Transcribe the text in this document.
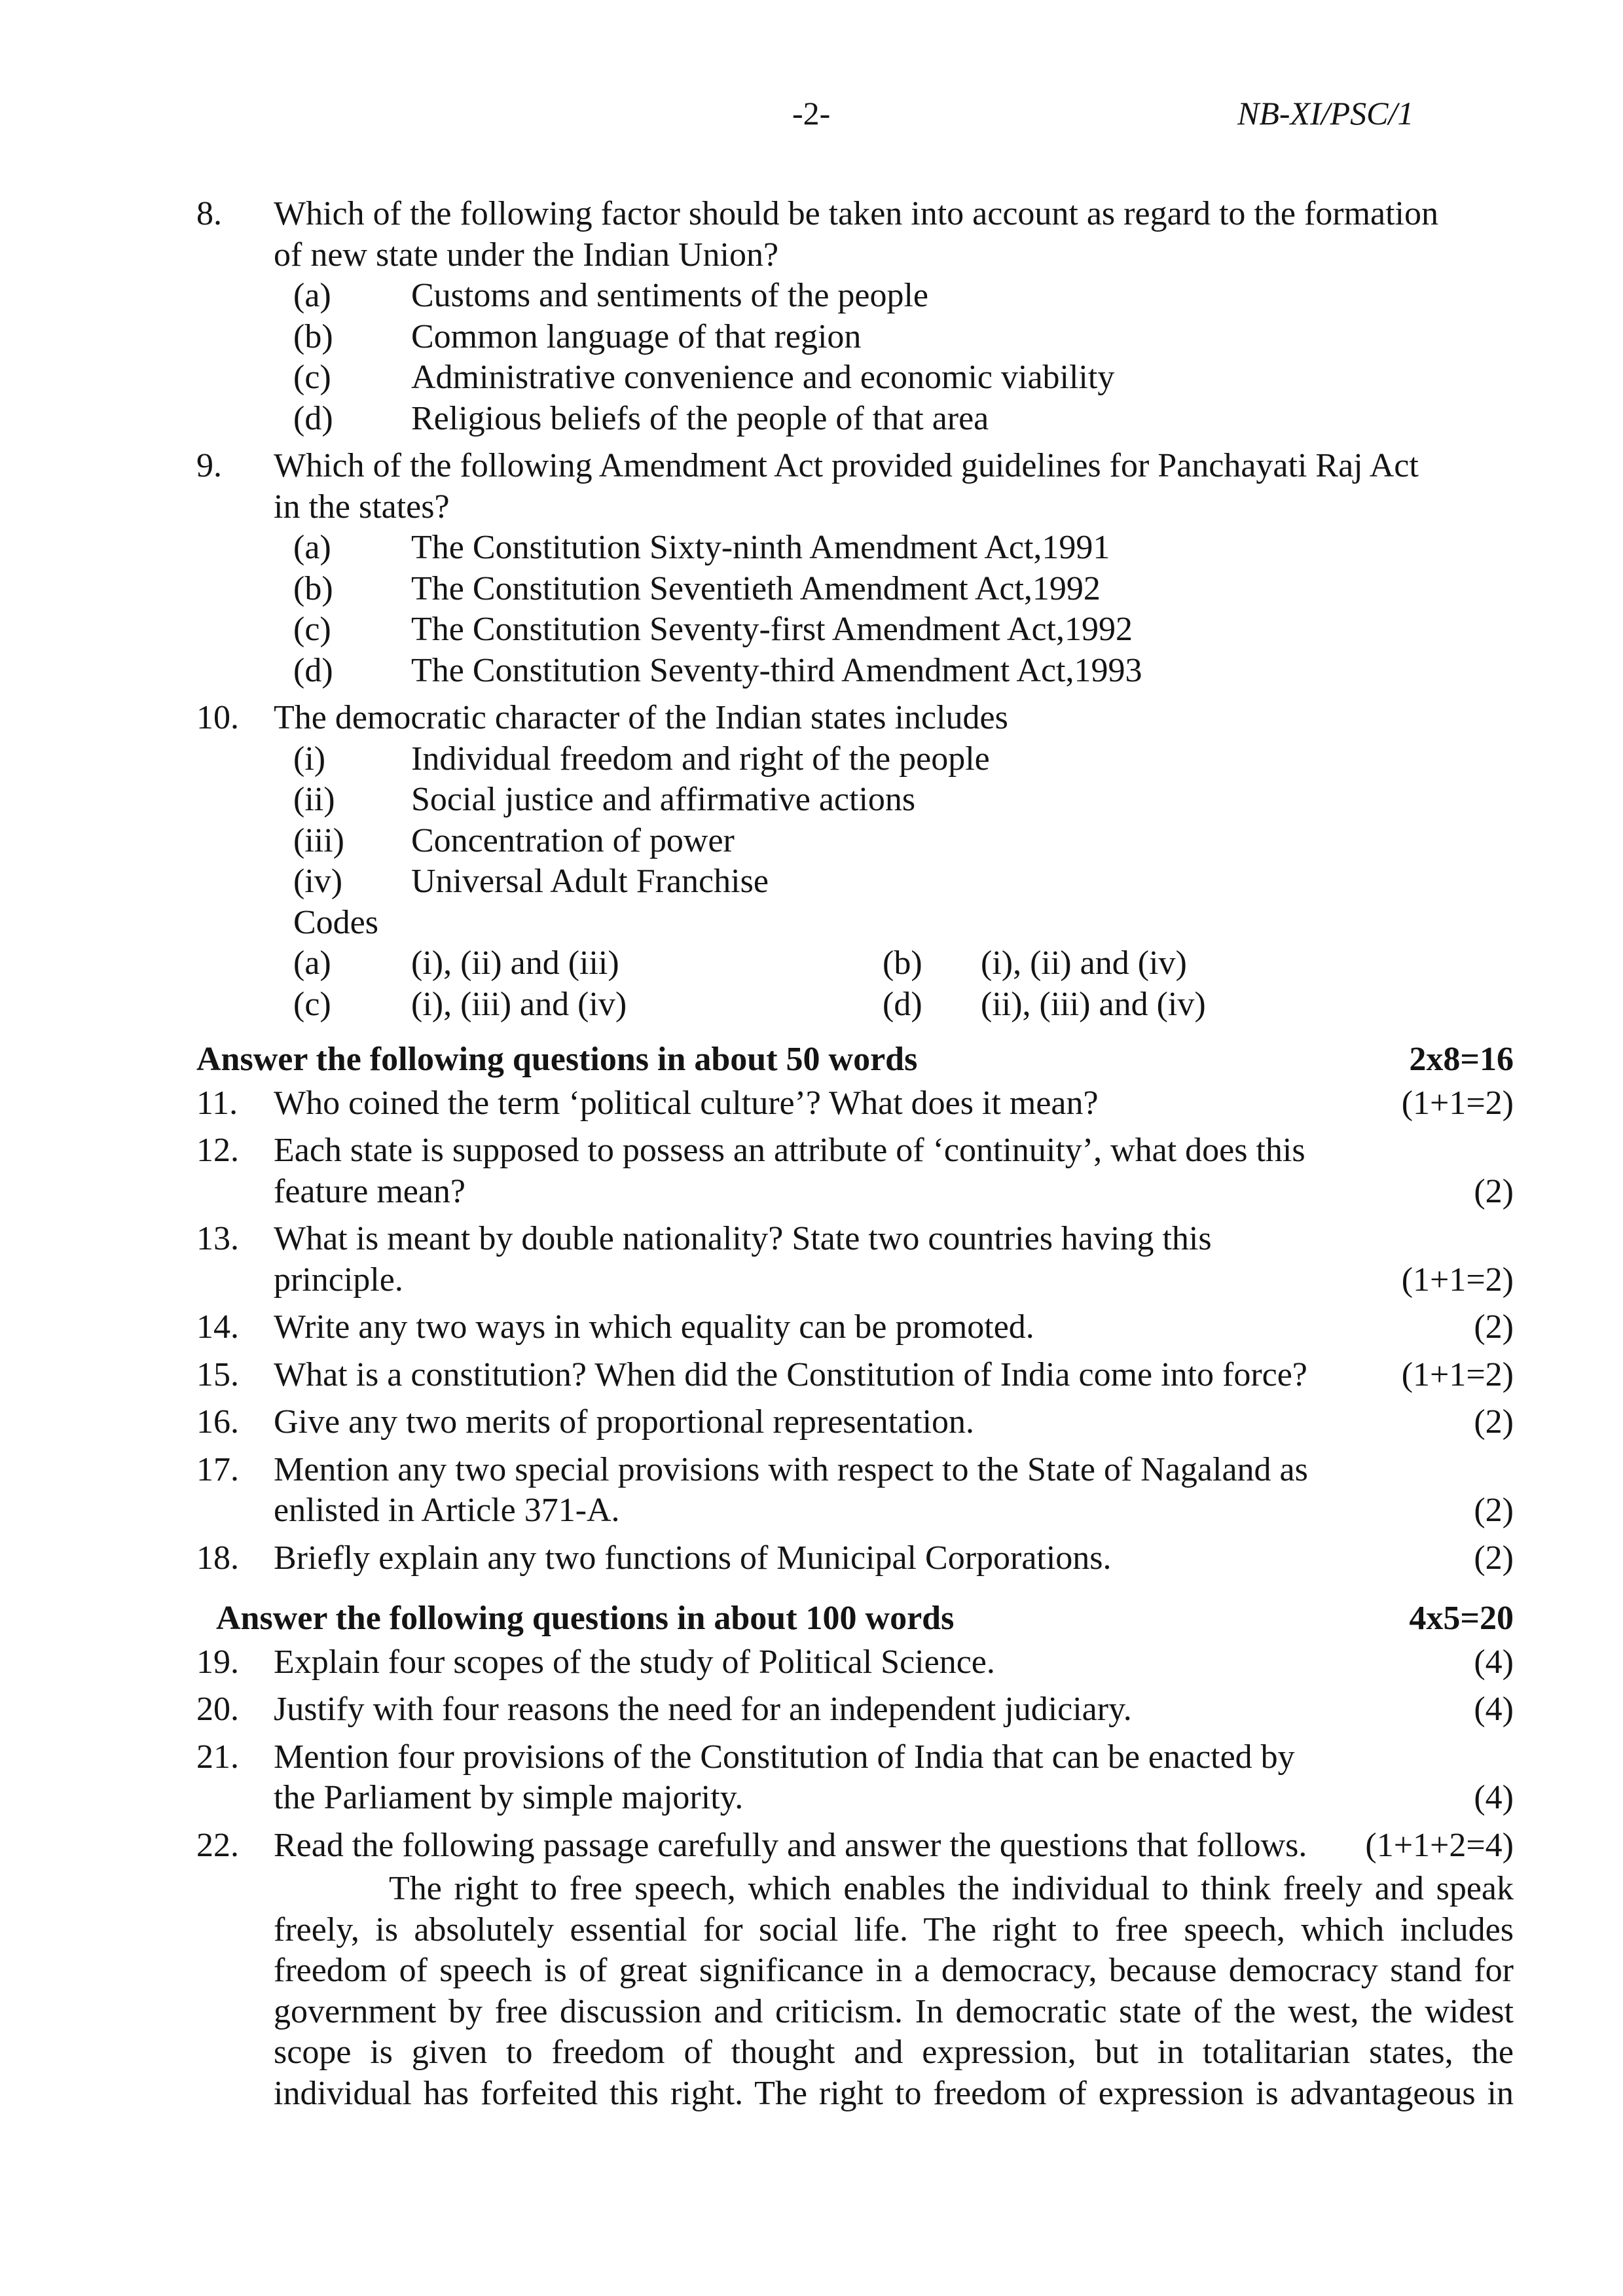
-2-	NB-XI/PSC/1
8.	Which of the following factor should be taken into account as regard to the formation
of new state under the Indian Union?
(a)	Customs and sentiments of the people
(b)	Common language of that region
(c)	Administrative convenience and economic viability
(d)	Religious beliefs of the people of that area
9.	Which of the following Amendment Act provided guidelines for Panchayati Raj Act
in the states?
(a)	The Constitution Sixty-ninth Amendment Act,1991
(b)	The Constitution Seventieth Amendment Act,1992
(c)	The Constitution Seventy-first Amendment Act,1992
(d)	The Constitution Seventy-third Amendment Act,1993
10.	The democratic character of the Indian states includes
(i)	Individual freedom and right of the people
(ii)	Social justice and affirmative actions
(iii)	Concentration of power
(iv)	Universal Adult Franchise
Codes
(a)	(i), (ii) and (iii)	(b)	(i), (ii) and (iv)
(c)	(i), (iii) and (iv)	(d)	(ii), (iii) and (iv)
Answer the following questions in about 50 words	2x8=16
11.	Who coined the term ‘political culture’? What does it mean?	(1+1=2)
12.	Each state is supposed to possess an attribute of ‘continuity’, what does this
feature mean?	(2)
13.	What is meant by double nationality? State two countries having this
principle.	(1+1=2)
14.	Write any two ways in which equality can be promoted.	(2)
15.	What is a constitution? When did the Constitution of India come into force?	(1+1=2)
16.	Give any two merits of proportional representation.	(2)
17.	Mention any two special provisions with respect to the State of Nagaland as
enlisted in Article 371-A.	(2)
18.	Briefly explain any two functions of Municipal Corporations.	(2)
Answer the following questions in about 100 words	4x5=20
19.	Explain four scopes of the study of Political Science.	(4)
20.	Justify with four reasons the need for an independent judiciary.	(4)
21.	Mention four provisions of the Constitution of India that can be enacted by
the Parliament by simple majority.	(4)
22.	Read the following passage carefully and answer the questions that follows.	(1+1+2=4)
The right to free speech, which enables the individual to think freely and speak
freely, is absolutely essential for social life. The right to free speech, which includes
freedom of speech is of great significance in a democracy, because democracy stand for
government by free discussion and criticism. In democratic state of the west, the widest
scope is given to freedom of thought and expression, but in totalitarian states, the
individual has forfeited this right. The right to freedom of expression is advantageous in
